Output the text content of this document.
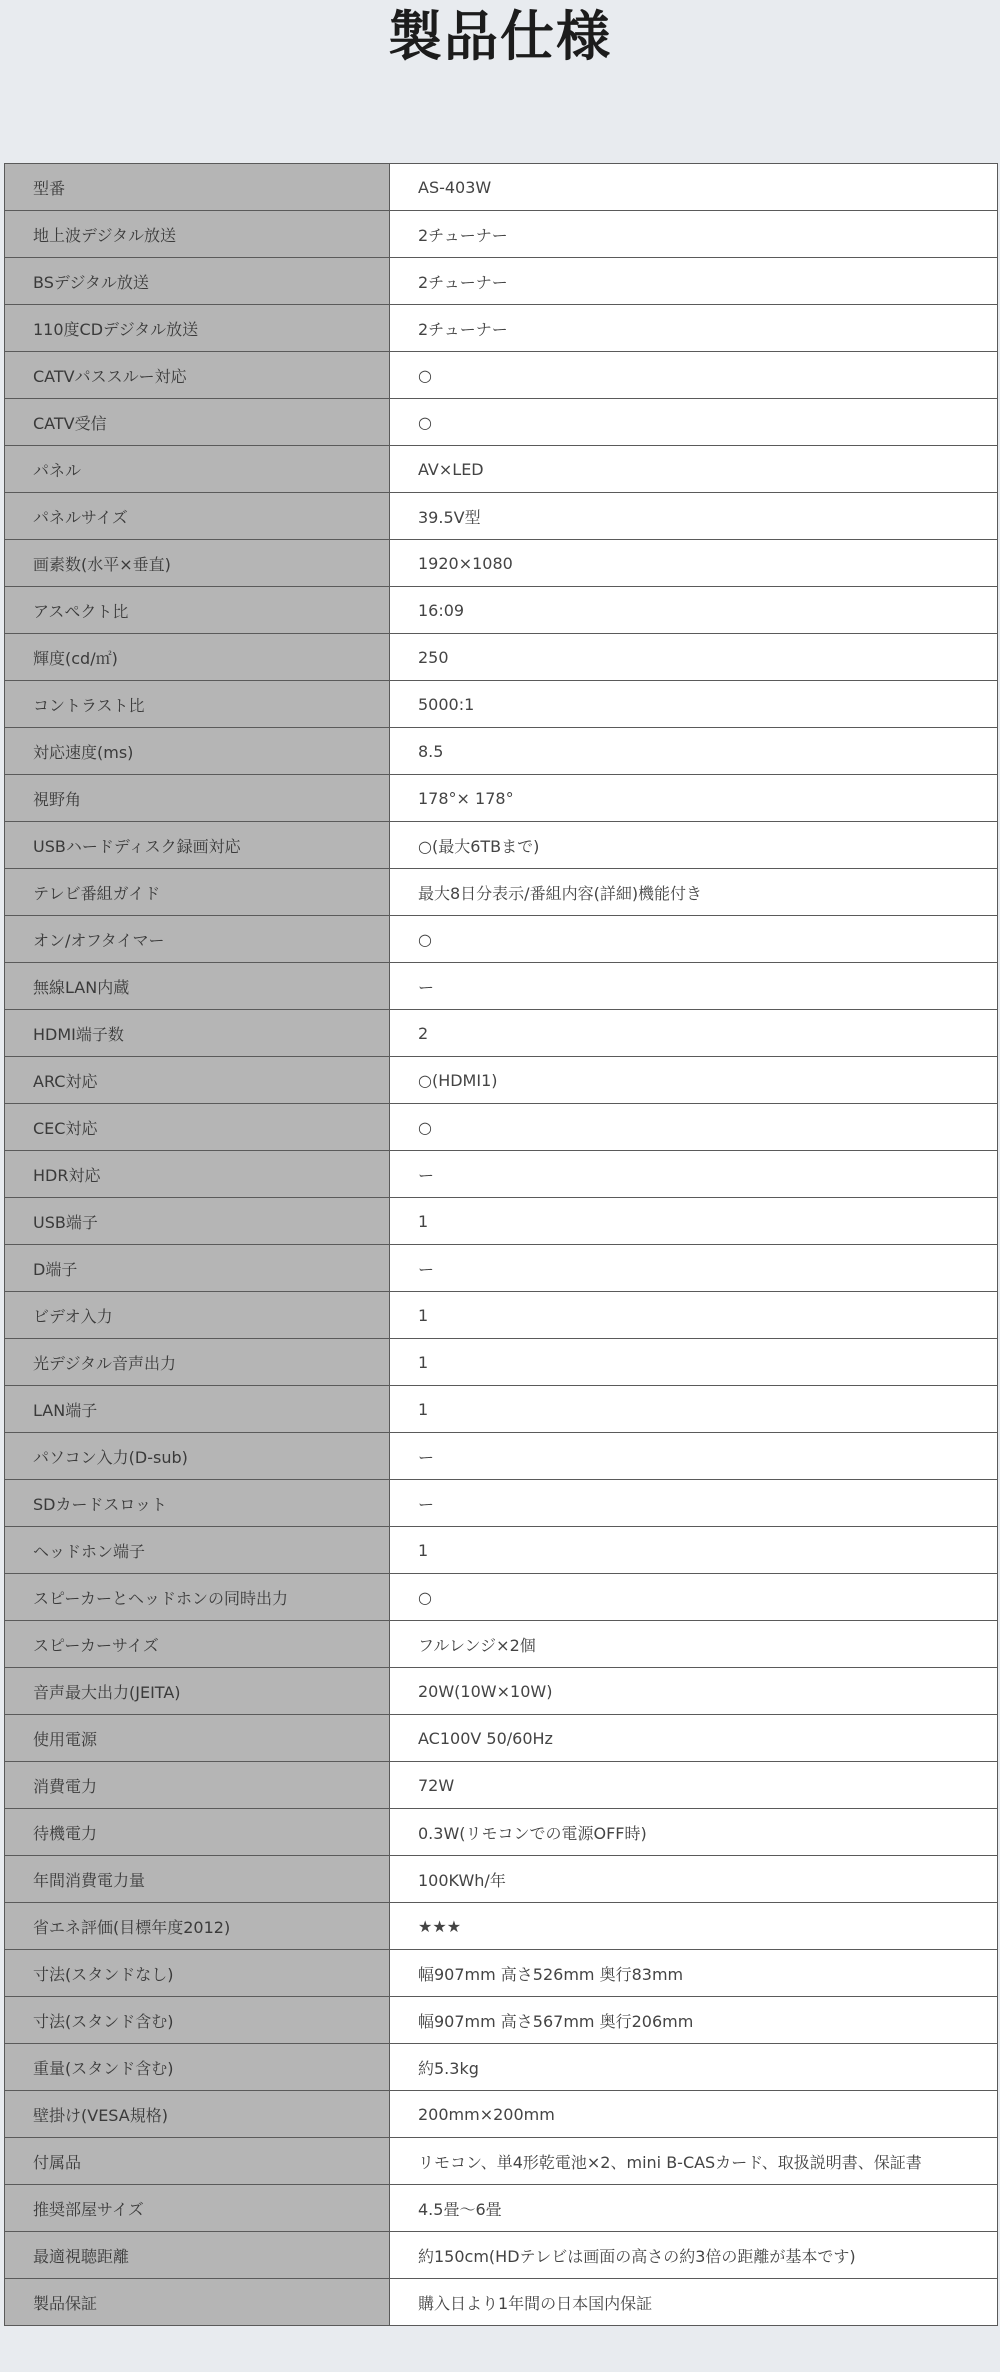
製品仕様
型番	AS-403W
地上波デジタル放送	2チューナー
BSデジタル放送	2チューナー
110度CDデジタル放送	2チューナー
CATVパススルー対応	○
CATV受信	○
パネル	AV×LED
パネルサイズ	39.5V型
画素数(水平×垂直)	1920×1080
アスペクト比	16:09
輝度(cd/㎡)	250
コントラスト比	5000:1
対応速度(ms)	8.5
視野角	178°× 178°
USBハードディスク録画対応	○(最大6TBまで)
テレビ番組ガイド	最大8日分表示/番組内容(詳細)機能付き
オン/オフタイマー	○
無線LAN内蔵	ー
HDMI端子数	2
ARC対応	○(HDMI1)
CEC対応	○
HDR対応	ー
USB端子	1
D端子	ー
ビデオ入力	1
光デジタル音声出力	1
LAN端子	1
パソコン入力(D-sub)	ー
SDカードスロット	ー
ヘッドホン端子	1
スピーカーとヘッドホンの同時出力	○
スピーカーサイズ	フルレンジ×2個
音声最大出力(JEITA)	20W(10W×10W)
使用電源	AC100V 50/60Hz
消費電力	72W
待機電力	0.3W(リモコンでの電源OFF時)
年間消費電力量	100KWh/年
省エネ評価(目標年度2012)	★★★
寸法(スタンドなし)	幅907mm 高さ526mm 奥行83mm
寸法(スタンド含む)	幅907mm 高さ567mm 奥行206mm
重量(スタンド含む)	約5.3kg
壁掛け(VESA規格)	200mm×200mm
付属品	リモコン、単4形乾電池×2、mini B-CASカード、取扱説明書、保証書
推奨部屋サイズ	4.5畳〜6畳
最適視聴距離	約150cm(HDテレビは画面の高さの約3倍の距離が基本です)
製品保証	購入日より1年間の日本国内保証
